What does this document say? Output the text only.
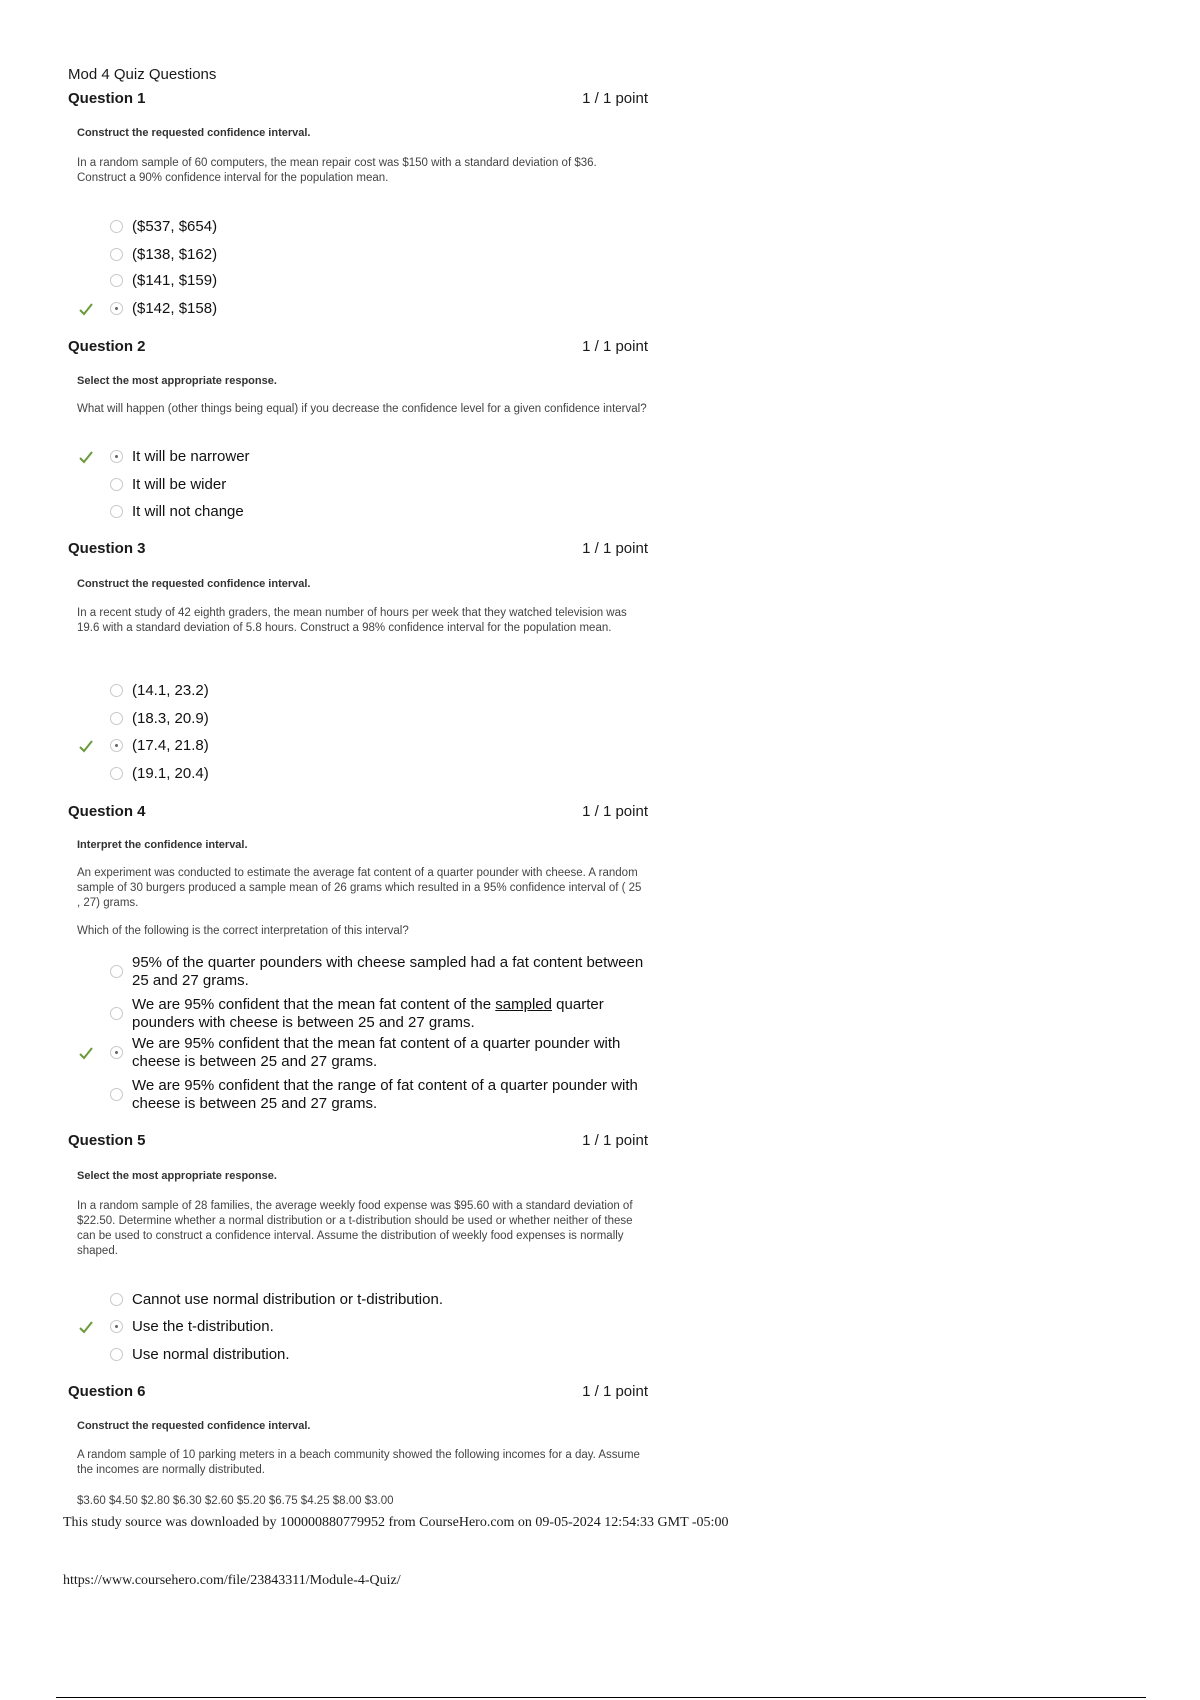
Mod 4 Quiz Questions
Question 1	1 / 1 point
Construct the requested confidence interval.
In a random sample of 60 computers, the mean repair cost was $150 with a standard deviation of $36. Construct a 90% confidence interval for the population mean.
($537, $654)
($138, $162)
($141, $159)
($142, $158)
Question 2	1 / 1 point
Select the most appropriate response.
What will happen (other things being equal) if you decrease the confidence level for a given confidence interval?
It will be narrower
It will be wider
It will not change
Question 3	1 / 1 point
Construct the requested confidence interval.
In a recent study of 42 eighth graders, the mean number of hours per week that they watched television was 19.6 with a standard deviation of 5.8 hours. Construct a 98% confidence interval for the population mean.
(14.1, 23.2)
(18.3, 20.9)
(17.4, 21.8)
(19.1, 20.4)
Question 4	1 / 1 point
Interpret the confidence interval.
An experiment was conducted to estimate the average fat content of a quarter pounder with cheese. A random sample of 30 burgers produced a sample mean of 26 grams which resulted in a 95% confidence interval of ( 25 , 27) grams.
Which of the following is the correct interpretation of this interval?
95% of the quarter pounders with cheese sampled had a fat content between 25 and 27 grams.
We are 95% confident that the mean fat content of the sampled quarter pounders with cheese is between 25 and 27 grams.
We are 95% confident that the mean fat content of a quarter pounder with cheese is between 25 and 27 grams.
We are 95% confident that the range of fat content of a quarter pounder with cheese is between 25 and 27 grams.
Question 5	1 / 1 point
Select the most appropriate response.
In a random sample of 28 families, the average weekly food expense was $95.60 with a standard deviation of $22.50. Determine whether a normal distribution or a t-distribution should be used or whether neither of these can be used to construct a confidence interval. Assume the distribution of weekly food expenses is normally shaped.
Cannot use normal distribution or t-distribution.
Use the t-distribution.
Use normal distribution.
Question 6	1 / 1 point
Construct the requested confidence interval.
A random sample of 10 parking meters in a beach community showed the following incomes for a day. Assume the incomes are normally distributed.
$3.60 $4.50 $2.80 $6.30 $2.60 $5.20 $6.75 $4.25 $8.00 $3.00
This study source was downloaded by 100000880779952 from CourseHero.com on 09-05-2024 12:54:33 GMT -05:00
https://www.coursehero.com/file/23843311/Module-4-Quiz/
